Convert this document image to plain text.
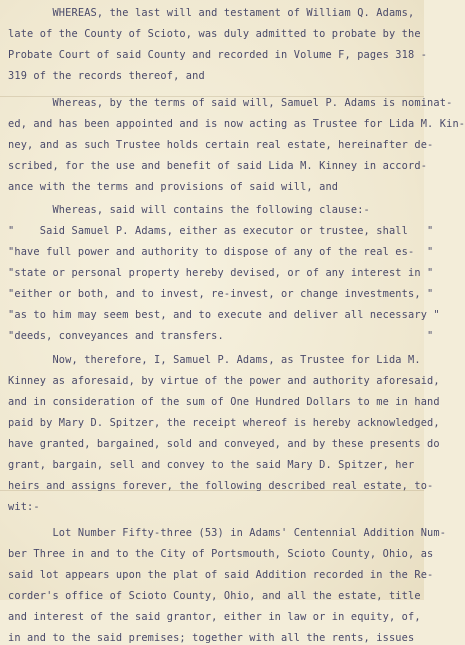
WHEREAS, the last will and testament of William Q. Adams,
late of the County of Scioto, was duly admitted to probate by the
Probate Court of said County and recorded in Volume F, pages 318 -
319 of the records thereof, and
Whereas, by the terms of said will, Samuel P. Adams is nominat-
ed, and has been appointed and is now acting as Trustee for Lida M. Kin-
ney, and as such Trustee holds certain real estate, hereinafter de-
scribed, for the use and benefit of said Lida M. Kinney in accord-
ance with the terms and provisions of said will, and
Whereas, said will contains the following clause:-
"    Said Samuel P. Adams, either as executor or trustee, shall   "
"have full power and authority to dispose of any of the real es-  "
"state or personal property hereby devised, or of any interest in "
"either or both, and to invest, re-invest, or change investments, "
"as to him may seem best, and to execute and deliver all necessary "
"deeds, conveyances and transfers.                                "
Now, therefore, I, Samuel P. Adams, as Trustee for Lida M.
Kinney as aforesaid, by virtue of the power and authority aforesaid,
and in consideration of the sum of One Hundred Dollars to me in hand
paid by Mary D. Spitzer, the receipt whereof is hereby acknowledged,
have granted, bargained, sold and conveyed, and by these presents do
grant, bargain, sell and convey to the said Mary D. Spitzer, her
heirs and assigns forever, the following described real estate, to-
wit:-
Lot Number Fifty-three (53) in Adams' Centennial Addition Num-
ber Three in and to the City of Portsmouth, Scioto County, Ohio, as
said lot appears upon the plat of said Addition recorded in the Re-
corder's office of Scioto County, Ohio, and all the estate, title
and interest of the said grantor, either in law or in equity, of,
in and to the said premises; together with all the rents, issues
